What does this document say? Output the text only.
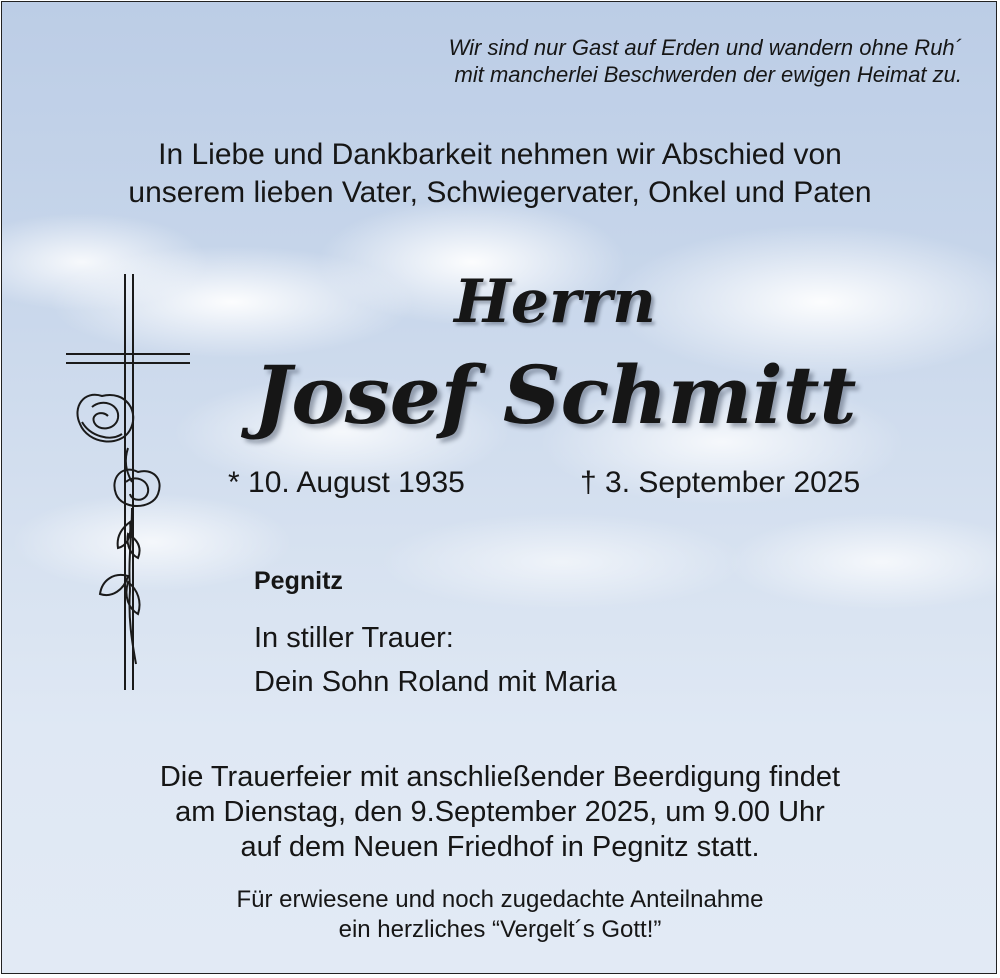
Wir sind nur Gast auf Erden und wandern ohne Ruh´
mit mancherlei Beschwerden der ewigen Heimat zu.
In Liebe und Dankbarkeit nehmen wir Abschied von
unserem lieben Vater, Schwiegervater, Onkel und Paten
Herrn
Josef Schmitt
* 10. August 1935	† 3. September 2025
Pegnitz
In stiller Trauer:
Dein Sohn Roland mit Maria
Die Trauerfeier mit anschließender Beerdigung findet
am Dienstag, den 9.September 2025, um 9.00 Uhr
auf dem Neuen Friedhof in Pegnitz statt.
Für erwiesene und noch zugedachte Anteilnahme
ein herzliches “Vergelt´s Gott!”
